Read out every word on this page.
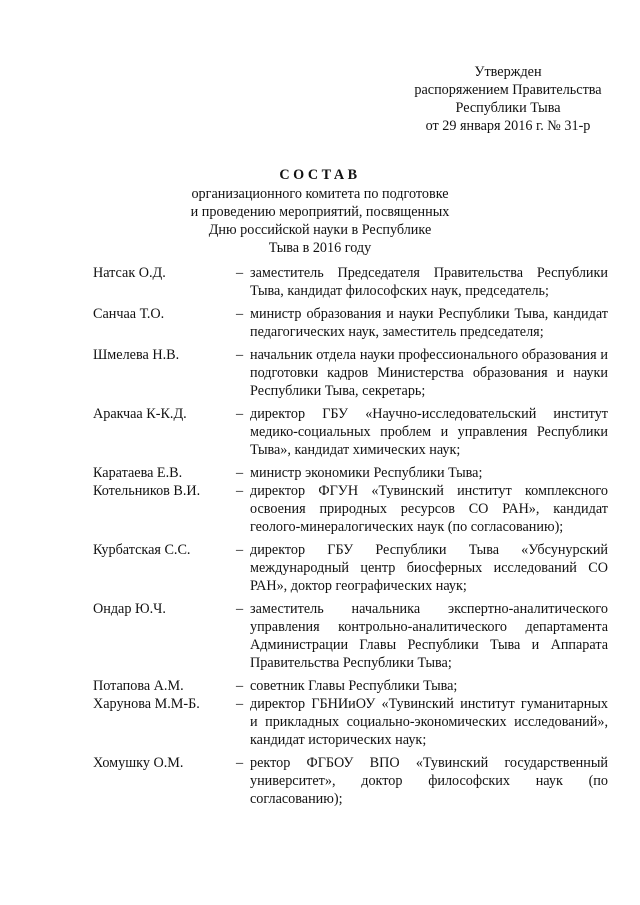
Утвержден
распоряжением Правительства
Республики Тыва
от 29 января 2016 г. № 31-р
СОСТАВ
организационного комитета по подготовке
и проведению мероприятий, посвященных
Дню российской науки в Республике
Тыва в 2016 году
Натсак О.Д.	– заместитель Председателя Правительства Республики Тыва, кандидат философских наук, председатель;
Санчаа Т.О.	– министр образования и науки Республики Тыва, кандидат педагогических наук, заместитель председателя;
Шмелева Н.В.	– начальник отдела науки профессионального образования и подготовки кадров Министерства образования и науки Республики Тыва, секретарь;
Аракчаа К-К.Д.	– директор ГБУ «Научно-исследовательский институт медико-социальных проблем и управления Республики Тыва», кандидат химических наук;
Каратаева Е.В.	– министр экономики Республики Тыва;
Котельников В.И.	– директор ФГУН «Тувинский институт комплексного освоения природных ресурсов СО РАН», кандидат геолого-минералогических наук (по согласованию);
Курбатская С.С.	– директор ГБУ Республики Тыва «Убсунурский международный центр биосферных исследований СО РАН», доктор географических наук;
Ондар Ю.Ч.	– заместитель начальника экспертно-аналитического управления контрольно-аналитического департамента Администрации Главы Республики Тыва и Аппарата Правительства Республики Тыва;
Потапова А.М.	– советник Главы Республики Тыва;
Харунова М.М-Б.	– директор ГБНИиОУ «Тувинский институт гуманитарных и прикладных социально-экономических исследований», кандидат исторических наук;
Хомушку О.М.	– ректор ФГБОУ ВПО «Тувинский государственный университет», доктор философских наук (по согласованию);
